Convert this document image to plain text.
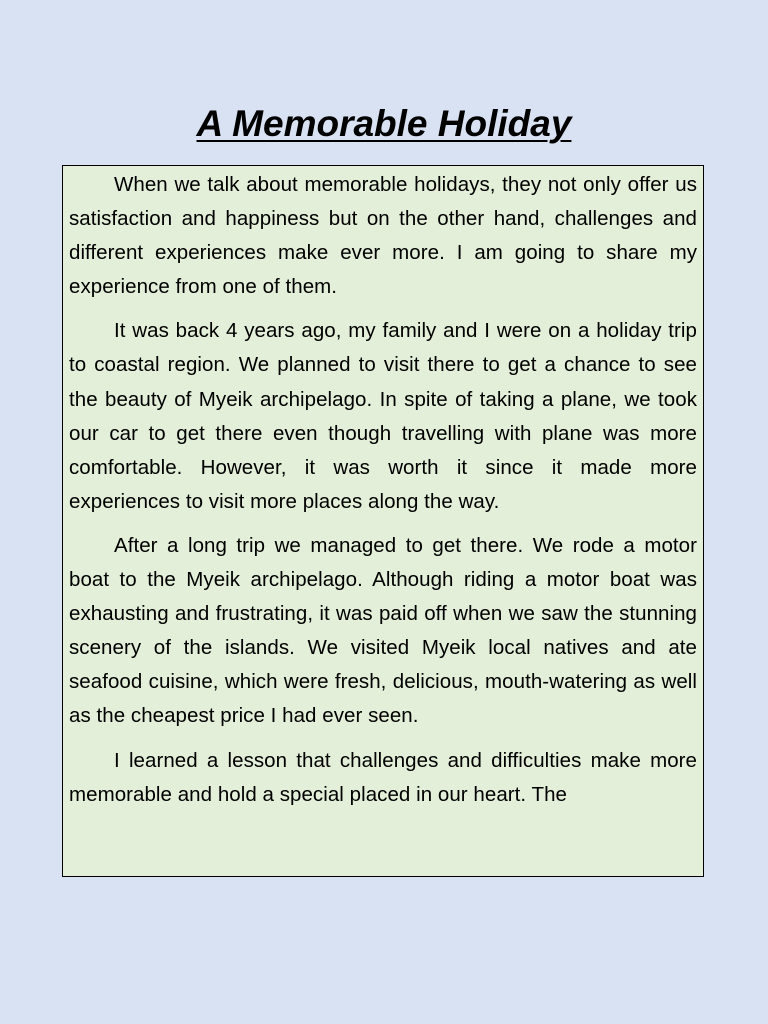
A Memorable Holiday

When we talk about memorable holidays, they not only offer us satisfaction and happiness but on the other hand, challenges and different experiences make ever more. I am going to share my experience from one of them.

It was back 4 years ago, my family and I were on a holiday trip to coastal region. We planned to visit there to get a chance to see the beauty of Myeik archipelago. In spite of taking a plane, we took our car to get there even though travelling with plane was more comfortable. However, it was worth it since it made more experiences to visit more places along the way.

After a long trip we managed to get there. We rode a motor boat to the Myeik archipelago. Although riding a motor boat was exhausting and frustrating, it was paid off when we saw the stunning scenery of the islands. We visited Myeik local natives and ate seafood cuisine, which were fresh, delicious, mouth-watering as well as the cheapest price I had ever seen.

I learned a lesson that challenges and difficulties make more memorable and hold a special placed in our heart. The
